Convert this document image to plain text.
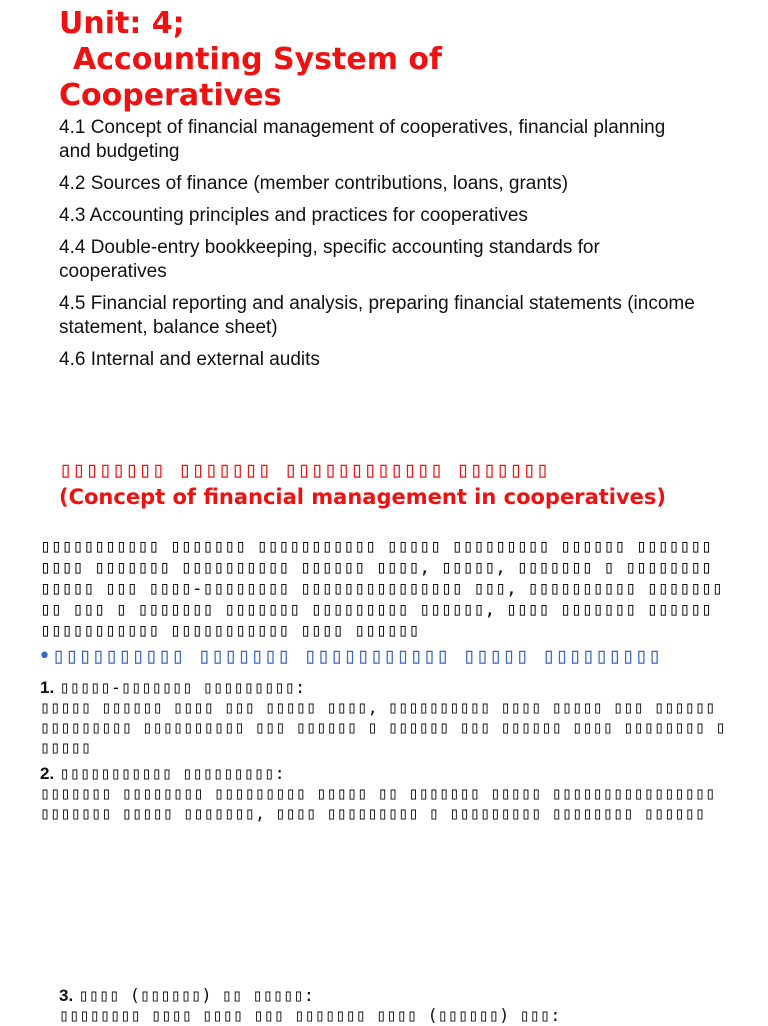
Unit: 4;
Accounting System of
Cooperatives
4.1 Concept of financial management of cooperatives, financial planning and budgeting
4.2 Sources of finance (member contributions, loans, grants)
4.3 Accounting principles and practices for cooperatives
4.4 Double-entry bookkeeping, specific accounting standards for cooperatives
4.5 Financial reporting and analysis, preparing financial statements (income statement, balance sheet)
4.6 Internal and external audits
▯▯▯▯▯▯▯▯ ▯▯▯▯▯▯▯ ▯▯▯▯▯▯▯▯▯▯▯▯ ▯▯▯▯▯▯▯
(Concept of financial management in cooperatives)
▯▯▯▯▯▯▯▯▯▯▯ ▯▯▯▯▯▯▯ ▯▯▯▯▯▯▯▯▯▯▯ ▯▯▯▯▯ ▯▯▯▯▯▯▯▯▯ ▯▯▯▯▯▯ ▯▯▯▯▯▯▯ ▯▯▯▯ ▯▯▯▯▯▯▯ ▯▯▯▯▯▯▯▯▯▯ ▯▯▯▯▯▯ ▯▯▯▯, ▯▯▯▯▯, ▯▯▯▯▯▯▯ ▯ ▯▯▯▯▯▯▯▯ ▯▯▯▯▯ ▯▯▯ ▯▯▯▯-▯▯▯▯▯▯▯▯ ▯▯▯▯▯▯▯▯▯▯▯▯▯▯▯ ▯▯▯, ▯▯▯▯▯▯▯▯▯▯ ▯▯▯▯▯▯▯▯▯ ▯▯▯ ▯ ▯▯▯▯▯▯▯ ▯▯▯▯▯▯▯ ▯▯▯▯▯▯▯▯▯ ▯▯▯▯▯▯, ▯▯▯▯ ▯▯▯▯▯▯▯ ▯▯▯▯▯▯ ▯▯▯▯▯▯▯▯▯▯▯ ▯▯▯▯▯▯▯▯▯▯▯ ▯▯▯▯ ▯▯▯▯▯▯
• ▯▯▯▯▯▯▯▯▯▯ ▯▯▯▯▯▯▯ ▯▯▯▯▯▯▯▯▯▯▯ ▯▯▯▯▯ ▯▯▯▯▯▯▯▯▯
1. ▯▯▯▯▯-▯▯▯▯▯▯▯ ▯▯▯▯▯▯▯▯▯:
▯▯▯▯▯ ▯▯▯▯▯▯ ▯▯▯▯ ▯▯▯ ▯▯▯▯▯ ▯▯▯▯, ▯▯▯▯▯▯▯▯▯▯ ▯▯▯▯ ▯▯▯▯▯ ▯▯▯ ▯▯▯▯▯▯ ▯▯▯▯▯▯▯▯▯ ▯▯▯▯▯▯▯▯▯▯ ▯▯▯ ▯▯▯▯▯▯ ▯ ▯▯▯▯▯▯ ▯▯▯ ▯▯▯▯▯▯ ▯▯▯▯ ▯▯▯▯▯▯▯▯ ▯▯▯▯▯▯
2. ▯▯▯▯▯▯▯▯▯▯▯ ▯▯▯▯▯▯▯▯▯:
▯▯▯▯▯▯▯ ▯▯▯▯▯▯▯▯ ▯▯▯▯▯▯▯▯▯ ▯▯▯▯▯ ▯▯ ▯▯▯▯▯▯▯ ▯▯▯▯▯ ▯▯▯▯▯▯▯▯▯▯▯▯▯▯▯▯ ▯▯▯▯▯▯▯ ▯▯▯▯▯ ▯▯▯▯▯▯▯, ▯▯▯▯ ▯▯▯▯▯▯▯▯▯ ▯ ▯▯▯▯▯▯▯▯▯ ▯▯▯▯▯▯▯▯ ▯▯▯▯▯▯
3. ▯▯▯▯ (▯▯▯▯▯▯) ▯▯ ▯▯▯▯▯:
▯▯▯▯▯▯▯▯ ▯▯▯▯ ▯▯▯▯ ▯▯▯ ▯▯▯▯▯▯▯ ▯▯▯▯ (▯▯▯▯▯▯) ▯▯▯:
